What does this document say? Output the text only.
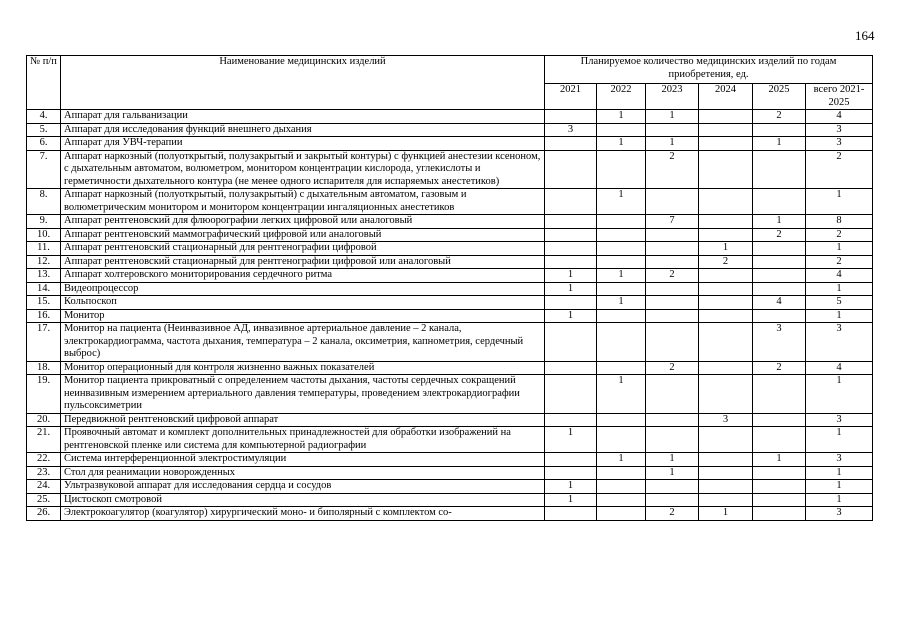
164
№ п/п	Наименование медицинских изделий	Планируемое количество медицинских изделий по годам приобретения, ед.					
		2021	2022	2023	2024	2025	всего 2021-2025
4.	Аппарат для гальванизации		1	1		2	4
5.	Аппарат для исследования функций внешнего дыхания	3					3
6.	Аппарат для УВЧ-терапии		1	1		1	3
7.	Аппарат наркозный (полуоткрытый, полузакрытый и закрытый контуры) с функцией анестезии ксеноном, с дыхательным автоматом, волюметром, монитором концентрации кислорода, углекислоты и герметичности дыхательного контура (не менее одного испарителя для испаряемых анестетиков)			2			2
8.	Аппарат наркозный (полуоткрытый, полузакрытый) с дыхательным автоматом, газовым и волюметрическим монитором и монитором концентрации ингаляционных анестетиков		1				1
9.	Аппарат рентгеновский для флюорографии легких цифровой или аналоговый			7		1	8
10.	Аппарат рентгеновский маммографический цифровой или аналоговый					2	2
11.	Аппарат рентгеновский стационарный для рентгенографии цифровой				1		1
12.	Аппарат рентгеновский стационарный для рентгенографии цифровой или аналоговый				2		2
13.	Аппарат холтеровского мониторирования сердечного ритма	1	1	2			4
14.	Видеопроцессор	1					1
15.	Кольпоскоп		1			4	5
16.	Монитор	1					1
17.	Монитор на пациента (Неинвазивное АД, инвазивное артериальное давление – 2 канала, электрокардиограмма, частота дыхания, температура – 2 канала, оксиметрия, капнометрия, сердечный выброс)					3	3
18.	Монитор операционный для контроля жизненно важных показателей			2		2	4
19.	Монитор пациента прикроватный с определением частоты дыхания, частоты сердечных сокращений неинвазивным измерением артериального давления температуры, проведением электрокардиографии пульсоксиметрии		1				1
20.	Передвижной рентгеновский цифровой аппарат				3		3
21.	Проявочный автомат и комплект дополнительных принадлежностей для обработки изображений на рентгеновской пленке или система для компьютерной радиографии	1					1
22.	Система интерференционной электростимуляции		1	1		1	3
23.	Стол для реанимации новорожденных			1			1
24.	Ультразвуковой аппарат для исследования сердца и сосудов	1					1
25.	Цистоскоп смотровой	1					1
26.	Электрокоагулятор (коагулятор) хирургический моно- и биполярный с комплектом со-			2	1		3
